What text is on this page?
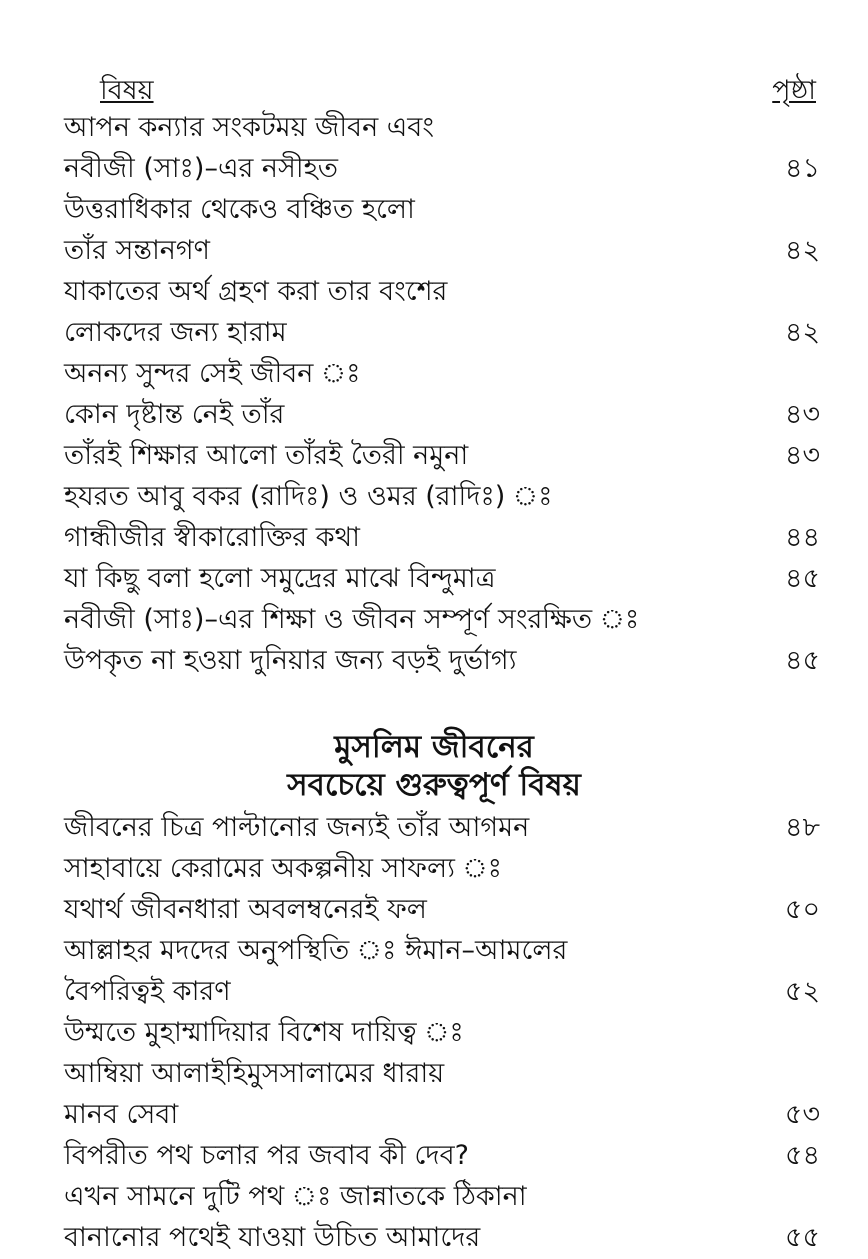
বিষয়	পৃষ্ঠা
আপন কন্যার সংকটময় জীবন এবং
নবীজী (সাঃ)–এর নসীহত	৪১
উত্তরাধিকার থেকেও বঞ্চিত হলো
তাঁর সন্তানগণ	৪২
যাকাতের অর্থ গ্রহণ করা তার বংশের
লোকদের জন্য হারাম	৪২
অনন্য সুন্দর সেই জীবন ঃ
কোন দৃষ্টান্ত নেই তাঁর	৪৩
তাঁরই শিক্ষার আলো তাঁরই তৈরী নমুনা	৪৩
হযরত আবু বকর (রাদিঃ) ও ওমর (রাদিঃ) ঃ
গান্ধীজীর স্বীকারোক্তির কথা	৪৪
যা কিছু বলা হলো সমুদ্রের মাঝে বিন্দুমাত্র	৪৫
নবীজী (সাঃ)–এর শিক্ষা ও জীবন সম্পূর্ণ সংরক্ষিত ঃ
উপকৃত না হওয়া দুনিয়ার জন্য বড়ই দুর্ভাগ্য	৪৫
মুসলিম জীবনের
সবচেয়ে গুরুত্বপূর্ণ বিষয়
জীবনের চিত্র পাল্টানোর জন্যই তাঁর আগমন	৪৮
সাহাবায়ে কেরামের অকল্পনীয় সাফল্য ঃ
যথার্থ জীবনধারা অবলম্বনেরই ফল	৫০
আল্লাহর মদদের অনুপস্থিতি ঃ ঈমান–আমলের
বৈপরিত্বই কারণ	৫২
উম্মতে মুহাম্মাদিয়ার বিশেষ দায়িত্ব ঃ
আম্বিয়া আলাইহিমুসসালামের ধারায়
মানব সেবা	৫৩
বিপরীত পথ চলার পর জবাব কী দেব?	৫৪
এখন সামনে দুটি পথ ঃ জান্নাতকে ঠিকানা
বানানোর পথেই যাওয়া উচিত আমাদের	৫৫
